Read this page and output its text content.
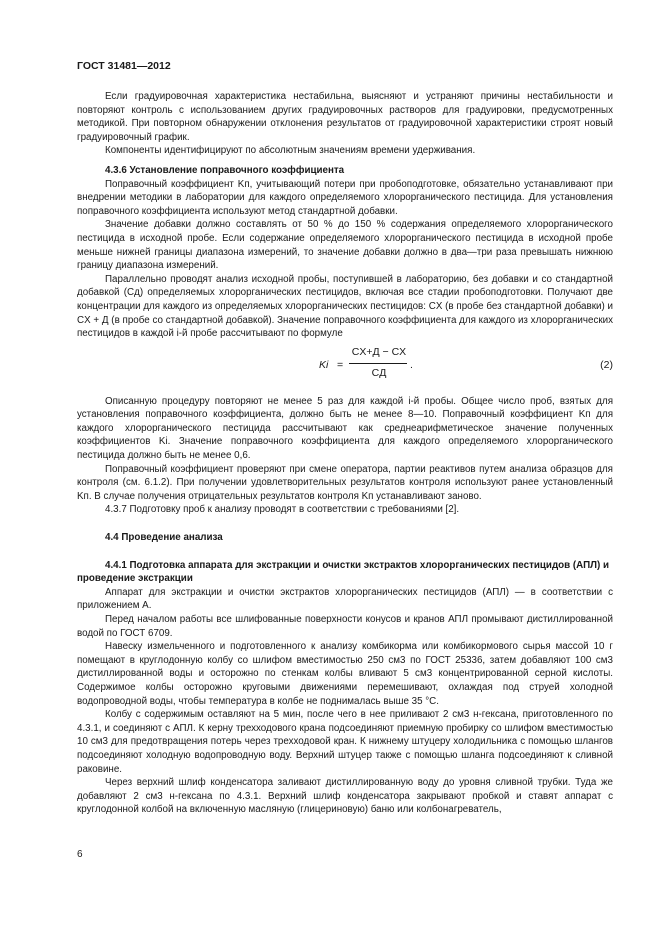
ГОСТ 31481—2012

Если градуировочная характеристика нестабильна, выясняют и устраняют причины нестабильности и повторяют контроль с использованием других градуировочных растворов для градуировки, предусмотренных методикой. При повторном обнаружении отклонения результатов от градуировочной характеристики строят новый градуировочный график.

Компоненты идентифицируют по абсолютным значениям времени удерживания.

4.3.6 Установление поправочного коэффициента

Поправочный коэффициент Kп, учитывающий потери при пробоподготовке, обязательно устанавливают при внедрении методики в лаборатории для каждого определяемого хлорорганического пестицида. Для установления поправочного коэффициента используют метод стандартной добавки.

Значение добавки должно составлять от 50 % до 150 % содержания определяемого хлорорганического пестицида в исходной пробе. Если содержание определяемого хлорорганического пестицида в исходной пробе меньше нижней границы диапазона измерений, то значение добавки должно в два—три раза превышать нижнюю границу диапазона измерений.

Параллельно проводят анализ исходной пробы, поступившей в лабораторию, без добавки и со стандартной добавкой (Cд) определяемых хлорорганических пестицидов, включая все стадии пробоподготовки. Получают две концентрации для каждого из определяемых хлорорганических пестицидов: CХ (в пробе без стандартной добавки) и CХ + Д (в пробе со стандартной добавкой). Значение поправочного коэффициента для каждого из хлорорганических пестицидов в каждой i-й пробе рассчитывают по формуле

Ki =
CХ+Д − CХ
CД
.	(2)

Описанную процедуру повторяют не менее 5 раз для каждой i-й пробы. Общее число проб, взятых для установления поправочного коэффициента, должно быть не менее 8—10. Поправочный коэффициент Kп для каждого хлорорганического пестицида рассчитывают как среднеарифметическое значение полученных коэффициентов Ki. Значение поправочного коэффициента для каждого определяемого хлорорганического пестицида должно быть не менее 0,6.

Поправочный коэффициент проверяют при смене оператора, партии реактивов путем анализа образцов для контроля (см. 6.1.2). При получении удовлетворительных результатов контроля используют ранее установленный Kп. В случае получения отрицательных результатов контроля Kп устанавливают заново.

4.3.7 Подготовку проб к анализу проводят в соответствии с требованиями [2].

4.4 Проведение анализа
4.4.1 Подготовка аппарата для экстракции и очистки экстрактов хлорорганических пестицидов (АПЛ) и проведение экстракции

Аппарат для экстракции и очистки экстрактов хлорорганических пестицидов (АПЛ) — в соответствии с приложением А.

Перед началом работы все шлифованные поверхности конусов и кранов АПЛ промывают дистиллированной водой по ГОСТ 6709.

Навеску измельченного и подготовленного к анализу комбикорма или комбикормового сырья массой 10 г помещают в круглодонную колбу со шлифом вместимостью 250 см3 по ГОСТ 25336, затем добавляют 100 см3 дистиллированной воды и осторожно по стенкам колбы вливают 5 см3 концентрированной серной кислоты. Содержимое колбы осторожно круговыми движениями перемешивают, охлаждая под струей холодной водопроводной воды, чтобы температура в колбе не поднималась выше 35 °С.

Колбу с содержимым оставляют на 5 мин, после чего в нее приливают 2 см3 н-гексана, приготовленного по 4.3.1, и соединяют с АПЛ. К керну трехходового крана подсоединяют приемную пробирку со шлифом вместимостью 10 см3 для предотвращения потерь через трехходовой кран. К нижнему штуцеру холодильника с помощью шлангов подсоединяют холодную водопроводную воду. Верхний штуцер также с помощью шланга подсоединяют к сливной раковине.

Через верхний шлиф конденсатора заливают дистиллированную воду до уровня сливной трубки. Туда же добавляют 2 см3 н-гексана по 4.3.1. Верхний шлиф конденсатора закрывают пробкой и ставят аппарат с круглодонной колбой на включенную масляную (глицериновую) баню или колбонагреватель,

6
